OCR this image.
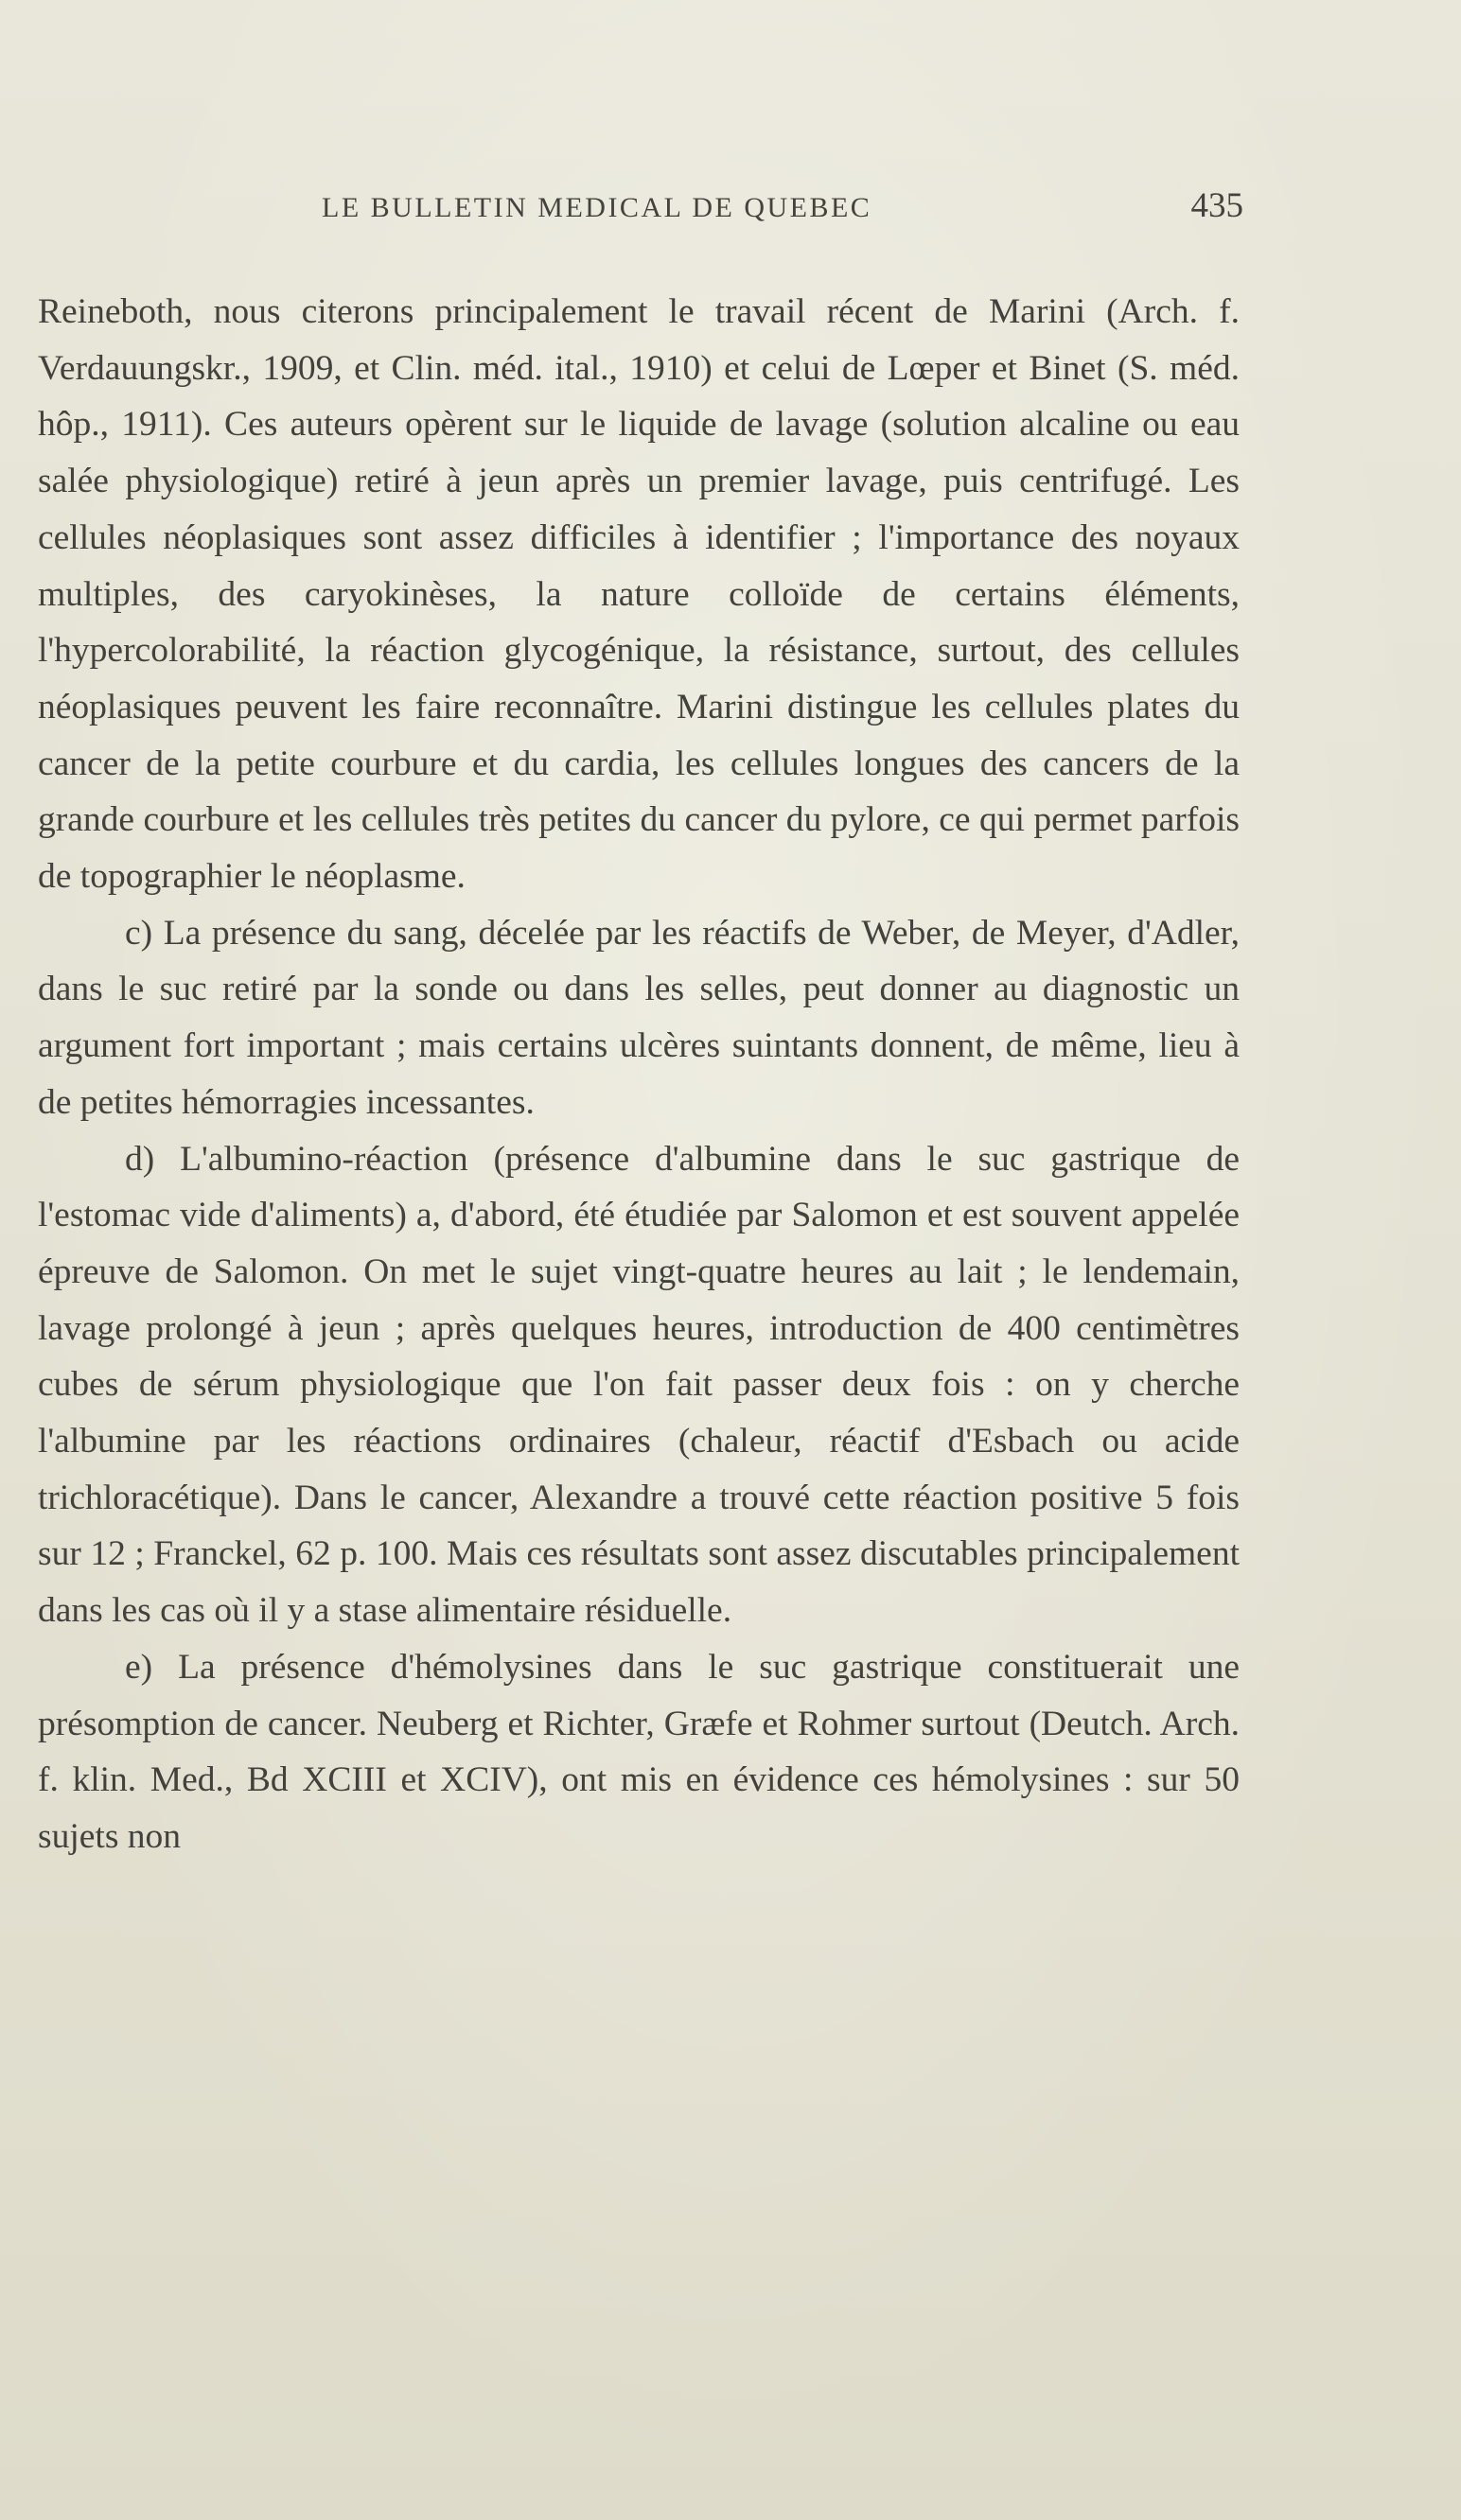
LE BULLETIN MEDICAL DE QUEBEC	435

Reineboth, nous citerons principalement le travail récent de Marini (Arch. f. Verdauungskr., 1909, et Clin. méd. ital., 1910) et celui de Lœper et Binet (S. méd. hôp., 1911). Ces auteurs opèrent sur le liquide de lavage (solution alcaline ou eau salée physiologique) retiré à jeun après un premier lavage, puis centrifugé. Les cellules néoplasiques sont assez difficiles à identifier ; l'importance des noyaux multiples, des caryokinèses, la nature colloïde de certains éléments, l'hypercolorabilité, la réaction glycogénique, la résistance, surtout, des cellules néoplasiques peuvent les faire reconnaître. Marini distingue les cellules plates du cancer de la petite courbure et du cardia, les cellules longues des cancers de la grande courbure et les cellules très petites du cancer du pylore, ce qui permet parfois de topographier le néoplasme.

c) La présence du sang, décelée par les réactifs de Weber, de Meyer, d'Adler, dans le suc retiré par la sonde ou dans les selles, peut donner au diagnostic un argument fort important ; mais certains ulcères suintants donnent, de même, lieu à de petites hémorragies incessantes.

d) L'albumino-réaction (présence d'albumine dans le suc gastrique de l'estomac vide d'aliments) a, d'abord, été étudiée par Salomon et est souvent appelée épreuve de Salomon. On met le sujet vingt-quatre heures au lait ; le lendemain, lavage prolongé à jeun ; après quelques heures, introduction de 400 centimètres cubes de sérum physiologique que l'on fait passer deux fois : on y cherche l'albumine par les réactions ordinaires (chaleur, réactif d'Esbach ou acide trichloracétique). Dans le cancer, Alexandre a trouvé cette réaction positive 5 fois sur 12 ; Franckel, 62 p. 100. Mais ces résultats sont assez discutables principalement dans les cas où il y a stase alimentaire résiduelle.

e) La présence d'hémolysines dans le suc gastrique constituerait une présomption de cancer. Neuberg et Richter, Græfe et Rohmer surtout (Deutch. Arch. f. klin. Med., Bd XCIII et XCIV), ont mis en évidence ces hémolysines : sur 50 sujets non
